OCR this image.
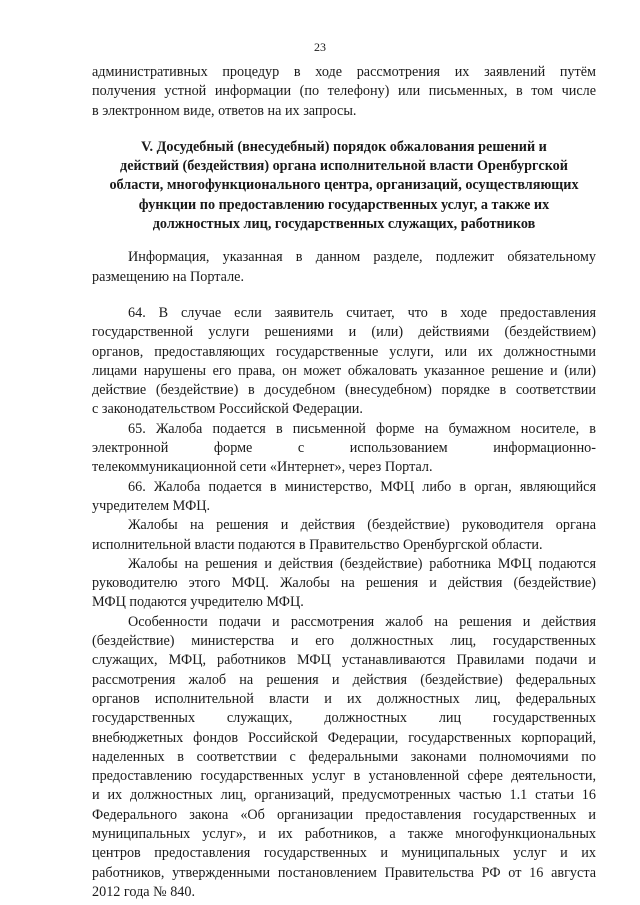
23
административных процедур в ходе рассмотрения их заявлений путём
получения устной информации (по телефону) или письменных, в том числе
в электронном виде, ответов на их запросы.
V. Досудебный (внесудебный) порядок обжалования решений и
действий (бездействия) органа исполнительной власти Оренбургской
области, многофункционального центра, организаций, осуществляющих
функции по предоставлению государственных услуг, а также их
должностных лиц, государственных служащих, работников
Информация, указанная в данном разделе, подлежит обязательному
размещению на Портале.
64. В случае если заявитель считает, что в ходе предоставления
государственной услуги решениями и (или) действиями (бездействием)
органов, предоставляющих государственные услуги, или их должностными
лицами нарушены его права, он может обжаловать указанное решение и (или)
действие (бездействие) в досудебном (внесудебном) порядке в соответствии
с законодательством Российской Федерации.
65. Жалоба подается в письменной форме на бумажном носителе, в
электронной форме с использованием информационно-
телекоммуникационной сети «Интернет», через Портал.
66. Жалоба подается в министерство, МФЦ либо в орган, являющийся
учредителем МФЦ.
Жалобы на решения и действия (бездействие) руководителя органа
исполнительной власти подаются в Правительство Оренбургской области.
Жалобы на решения и действия (бездействие) работника МФЦ подаются
руководителю этого МФЦ. Жалобы на решения и действия (бездействие)
МФЦ подаются учредителю МФЦ.
Особенности подачи и рассмотрения жалоб на решения и действия
(бездействие) министерства и его должностных лиц, государственных
служащих, МФЦ, работников МФЦ устанавливаются Правилами подачи и
рассмотрения жалоб на решения и действия (бездействие) федеральных
органов исполнительной власти и их должностных лиц, федеральных
государственных служащих, должностных лиц государственных
внебюджетных фондов Российской Федерации, государственных корпораций,
наделенных в соответствии с федеральными законами полномочиями по
предоставлению государственных услуг в установленной сфере деятельности,
и их должностных лиц, организаций, предусмотренных частью 1.1 статьи 16
Федерального закона «Об организации предоставления государственных и
муниципальных услуг», и их работников, а также многофункциональных
центров предоставления государственных и муниципальных услуг и их
работников, утвержденными постановлением Правительства РФ от 16 августа
2012 года № 840.
